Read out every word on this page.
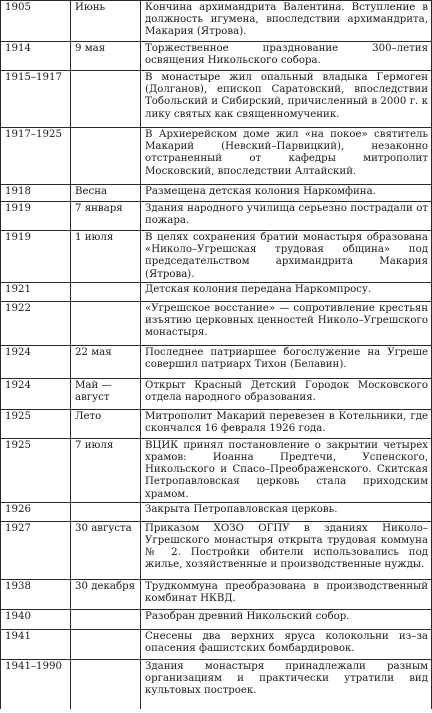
1905	Июнь	Кончина архимандрита Валентина. Вступление в должность игумена, впоследствии архимандрита, Макария (Ятрова).
1914	9 мая	Торжественное празднование 300–летия освящения Никольского собора.
1915–1917		В монастыре жил опальный владыка Гермоген (Долганов), епископ Саратовский, впоследствии Тобольский и Сибирский, причисленный в 2000 г. к лику святых как священномученик.
1917–1925		В Архиерейском доме жил «на покое» святитель Макарий (Невский–Парвицкий), незаконно отстраненный от кафедры митрополит Московский, впоследствии Алтайский.
1918	Весна	Размещена детская колония Наркомфина.
1919	7 января	Здания народного училища серьезно пострадали от пожара.
1919	1 июля	В целях сохранения братии монастыря образована «Николо–Угрешская трудовая община» под председательством архимандрита Макария (Ятрова).
1921		Детская колония передана Наркомпросу.
1922		«Угрешское восстание» — сопротивление крестьян изъятию церковных ценностей Николо–Угрешского монастыря.
1924	22 мая	Последнее патриаршее богослужение на Угреше совершил патриарх Тихон (Белавин).
1924	Май — август	Открыт Красный Детский Городок Московского отдела народного образования.
1925	Лето	Митрополит Макарий перевезен в Котельники, где скончался 16 февраля 1926 года.
1925	7 июля	ВЦИК принял постановление о закрытии четырех храмов: Иоанна Предтечи, Успенского, Никольского и Спасо–Преображенского. Скитская Петропавловская церковь стала приходским храмом.
1926		Закрыта Петропавловская церковь.
1927	30 августа	Приказом ХОЗО ОГПУ в зданиях Николо–Угрешского монастыря открыта трудовая коммуна № 2. Постройки обители использовались под жилье, хозяйственные и производственные нужды.
1938	30 декабря	Трудкоммуна преобразована в производственный комбинат НКВД.
1940		Разобран древний Никольский собор.
1941		Снесены два верхних яруса колокольни из–за опасения фашистских бомбардировок.
1941–1990		Здания монастыря принадлежали разным организациям и практически утратили вид культовых построек.
